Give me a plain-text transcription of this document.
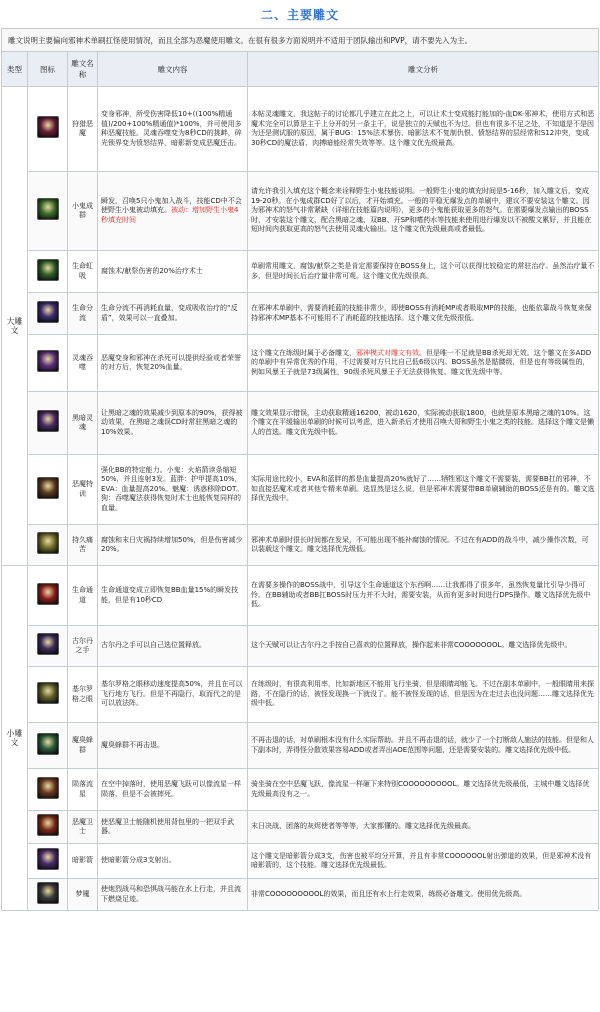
二、主要雕文
雕文说明主要偏向邪神术单刷扛怪使用情况，而且全部为恶魔使用雕文。在很有很多方面说明并不适用于团队输出和PVP，请不要先入为主。
类型	图标	雕文名称	雕文内容	雕文分析
大雕文		狩猎恶魔	变身邪神，所受伤害降低10+((100%精通值)/200+100%精通值)*100%，并可使用多种恶魔技能。灵魂吞噬变为8秒CD的挑衅，碎光锁界变为愤怒结界，暗影新变成恶魔还击。	本帖灵魂雕文，我这帖子的讨论都几乎建立在此之上，可以让术士变成能打能加的-血DK-邪神术，使用方式和恶魔术完全可以算是主干上分开的另一条主干，说是独立的天赋也不为过。但也有很多不足之处，不知道是不是因为还是测试服的原因，属于BUG：15%法术暴伤、暗影法术不复制仇恨、愤怒结界的层经常和S12冲突，变成30秒CD的魔法盾、肉搏暗能经常失效等等。这个雕文优先级最高。
		小鬼成群	瞬发，召唤5只小鬼加入战斗，技能CD中不会使野生小鬼被动填充。被动：增加野生小鬼4秒填充时间	请允许我引入填充这个概念来诠释野生小鬼技能说明。一般野生小鬼的填充时间是5-16秒，加入雕文后，变成19-20秒。在小鬼成群CD好了以后，才开始填充。一般的平稳无爆发点的单刷中，建议不要安装这个雕文。因为邪神术的怒气非常紧缺（详细在技能篇内说明），更多的小鬼能获取更多的怒气。在需要爆发点输出的BOSS时，才安装这个雕文，配合黑暗之魂、双BB、开SP和嗜药水等技能来使用进行爆发以不被酸文累好，并且能在短时间内获取更高的怒气去使用灵魂火输出。这个雕文优先级最高或者最低。
		生命虹吸	腐蚀术/献祭伤害的20%治疗术士	单刷常用雕文，腐蚀/献祭之类是肯定需要保持在BOSS身上，这个可以获得比较稳定的常驻治疗。虽然治疗量不多，但是时间长后治疗量非常可观。这个雕文优先级很高。
		生命分流	生命分流不再消耗血量，变成吸收治疗的“反盾”，效果可以一直叠加。	在邪神术单刷中，需要消耗蓝的技能非常少，即使BOSS有消耗MP或者吸取MP的技能，也能依靠战斗恢复来保持邪神术MP基本不可能用不了消耗蓝的技能选择。这个雕文优先级很低。
		灵魂吞噬	恶魔变身和邪神在杀死可以提供经验或者荣誉的对方后，恢复20%血量。	这个雕文在练级时属于必备雕文，邪神模式对雕文有效。但是唯一不足就是BB杀死却无效。这个雕文在多ADD的单刷中有异常优秀的作用，不过需要对方只比自己低6级以内。BOSS虽然是骷髅级，但是也有等级属性的，例如风暴王子就是73级属性，90级杀死风暴王子无法获得恢复。雕文优先级中等。
		黑暗灵魂	让黑暗之魂的效果减少到原本的90%，获得被动效果，在黑暗之魂误CD时常驻黑暗之魂的10%效果。	雕文效果显示错误，主动获取精通16200，被动1620，实际被动获取1800，也就是原本黑暗之魂的10%。这个雕文在平缓输出单刷的时候可以考虑，进入新杀后才使用召唤大哥和野生小鬼之类的技能。选择这个雕文是懒人的首选。雕文优先级中低。
		恶魔特训	强化BB的特定能力。小鬼：火焰箭读条缩短50%，并且连射3发。蓝胖：护甲提高10%，EVA：血量提高20%。魅魔：诱惑移除DOT。狗：吞噬魔法获得恢复时术士也能恢复同样的血量。	实际用途比较小，EVA和蓝胖的都是血量提高20%就好了……牺牲邪这个雕文不需要装，需要BB扛的邪神，不如直接恶魔术或者其他专精来单刷。选显然是这么说，但是邪神术需要带BB单刷辅助的BOSS还是有的。雕文选择优先级中。
		持久痛苦	腐蚀和末日灾祸持续增加50%，但是伤害减少20%。	邪神术单刷时很长时间都在发呆，不可能出现不能补腐蚀的情况。不过在有ADD的战斗中，减少操作次数，可以装载这个雕文。雕文选择优先级低。
小雕文		生命通道	生命通道变成立即恢复BB血量15%的瞬发技能，但是有10秒CD	在需要多操作的BOSS战中，引导这个生命通道这个东西啊……让我都得了很多年，虽然恢复量比引导少得可怜。在BB辅助或者BB扛BOSS时压力并不大时，需要安装，从而有更多时间进行DPS操作。雕文选择优先级中低。
		古尔丹之手	古尔丹之手可以自己选位置释放。	这个天赋可以让古尔丹之手按自己喜欢的位置释放，操作起来非常COOOOOOOL。雕文选择优先级中。
		基尔罗格之眼	基尔罗格之眼移动速度提高50%，并且在可以飞行地方飞行。但是不再隐行，取而代之的是可以放法阵。	在练级时，有很高利用率，比如新地区不能用飞行坐骑，但是眼睛却能飞。不过在副本单刷中，一般眼睛用来探路，不在隐行的话，被怪发现换一下就没了。能不被怪发现的话，但是因为在走过去也没问题……雕文选择优先级中低。
		魔臭蜂群	魔臭蜂群不再击退。	不再击退的话，对单刷根本没有什么实际帮助。并且不再击退的话，就少了一个打断敌人施法的技能。但是和人下副本时，弄得怪分散效果容易ADD或者弄出AOE范围等问题，还是需要安装的。雕文选择优先级中低。
		陨落流星	在空中掉落时，使用恶魔飞跃可以像流星一样陨落，但是不会被摔死。	骑坐骑在空中恶魔飞跃，像流星一样砸下来特别COOOOOOOOOL。雕文选择优先级最低，主城中雕文选择优先级最高没有之一。
		恶魔卫士	使恶魔卫士能随机使用背包里的一把双手武器。	末日决战、团落的灰烬使者等等等，大家都懂的。雕文选择优先级最高。
		暗影箭	使暗影箭分成3支射出。	这个雕文是暗影箭分成3支，伤害也被平均分开算，并且有非常COOOOOOL射出弹道的效果，但是邪神术没有暗影箭的，这个技能。雕文选择优先级最低。
		梦魇	使炮烈战马和恐惧战马能在水上行走，并且流下燃烧足迹。	非常COOOOOOOOOL的效果，而且还有水上行走效果，练级必备雕文。使用优先级高。
